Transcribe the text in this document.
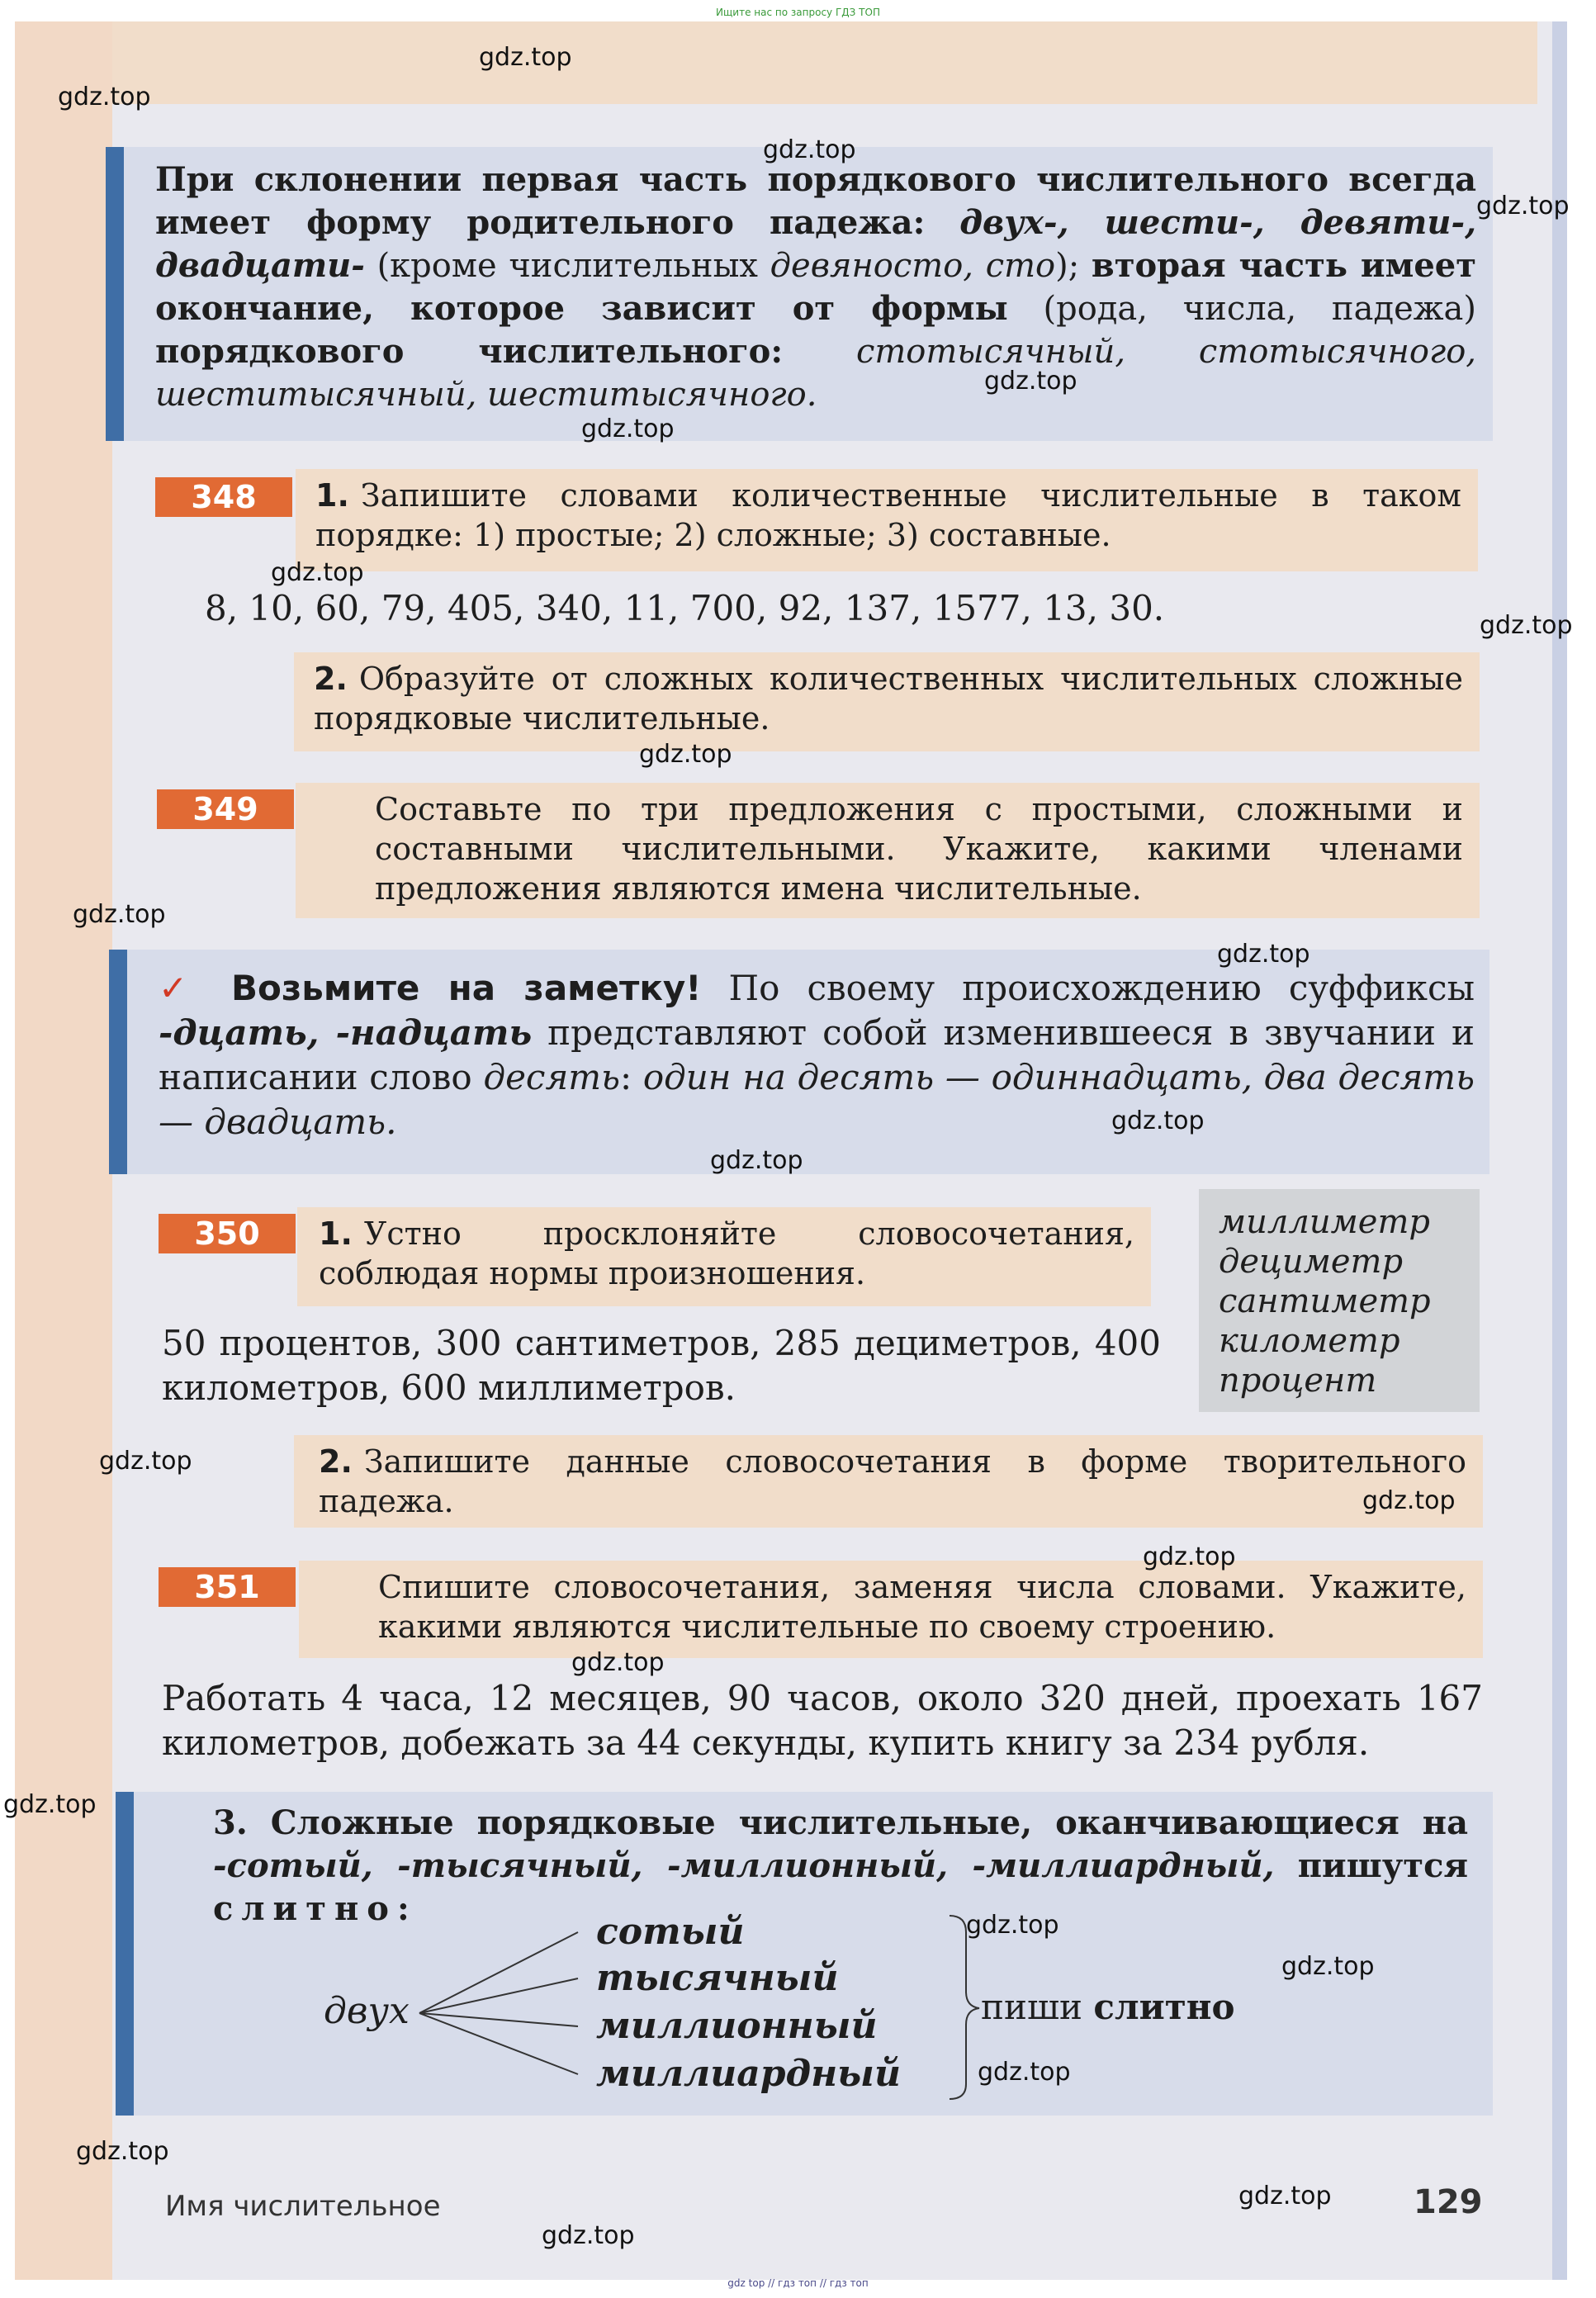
Ищите нас по запросу ГДЗ ТОП
При склонении первая часть порядкового числительного всегда имеет форму родительного падежа: двух-, шести-, девяти-, двадцати- (кроме числительных девяносто, сто); вторая часть имеет окончание, которое зависит от формы (рода, числа, падежа) порядкового числительного: стотысячный, стотысячного, шеститысячный, шеститысячного.
348	1. Запишите словами количественные числительные в таком порядке: 1) простые; 2) сложные; 3) составные.
8, 10, 60, 79, 405, 340, 11, 700, 92, 137, 1577, 13, 30.
2. Образуйте от сложных количественных числительных сложные порядковые числительные.
349	Составьте по три предложения с простыми, сложными и составными числительными. Укажите, какими членами предложения являются имена числительные.
✓ Возьмите на заметку! По своему происхождению суффиксы -дцать, -надцать представляют собой изменившееся в звучании и написании слово десять: один на десять — одиннадцать, два десять — двадцать.
350	1. Устно просклоняйте словосочетания, соблюдая нормы произношения.
50 процентов, 300 сантиметров, 285 дециметров, 400 километров, 600 миллиметров.
миллиметр
дециметр
сантиметр
километр
процент
2. Запишите данные словосочетания в форме творительного падежа.
351	Спишите словосочетания, заменяя числа словами. Укажите, какими являются числительные по своему строению.
Работать 4 часа, 12 месяцев, 90 часов, около 320 дней, проехать 167 километров, добежать за 44 секунды, купить книгу за 234 рубля.
3. Сложные порядковые числительные, оканчивающиеся на -сотый, -тысячный, -миллионный, -миллиардный, пишутся слитно:
двух
сотый
тысячный
миллионный
миллиардный
пиши слитно
Имя числительное	129
gdz top // гдз топ // гдз топ
gdz.top
gdz.top
gdz.top
gdz.top
gdz.top
gdz.top
gdz.top
gdz.top
gdz.top
gdz.top
gdz.top
gdz.top
gdz.top
gdz.top
gdz.top
gdz.top
gdz.top
gdz.top
gdz.top
gdz.top
gdz.top
gdz.top
gdz.top
gdz.top
